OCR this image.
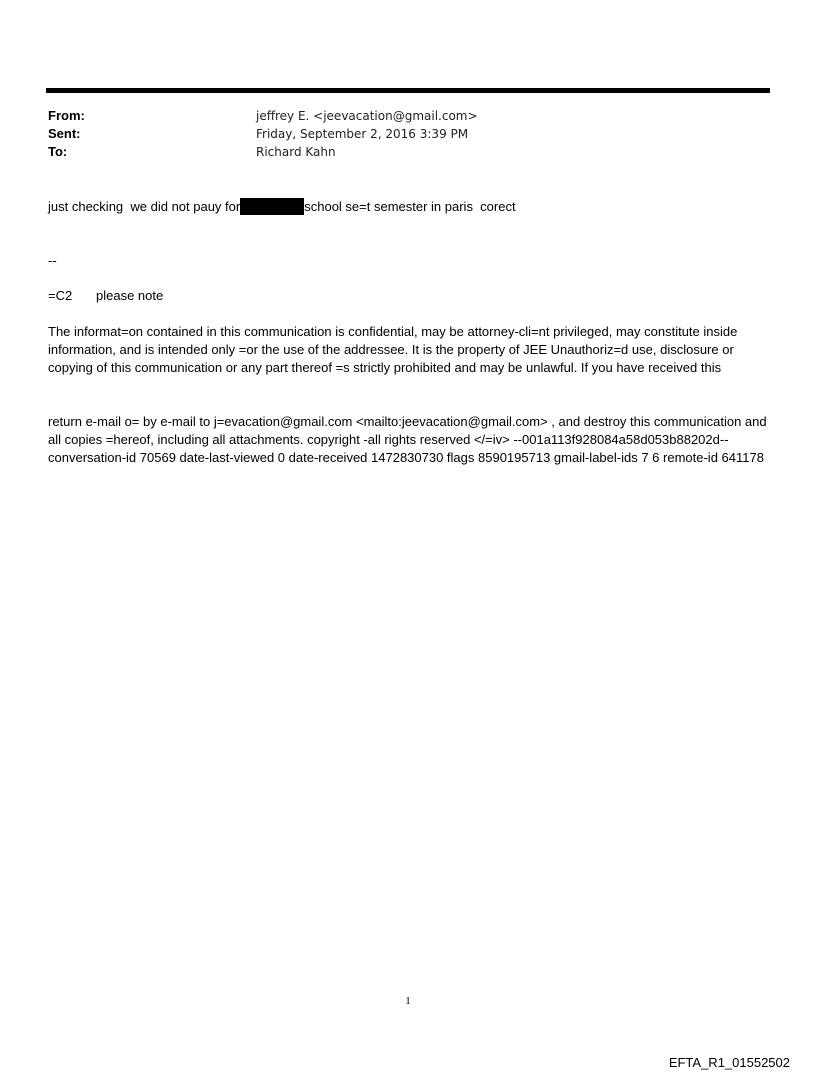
From:	jeffrey E. <jeevacation@gmail.com>
Sent:	Friday, September 2, 2016 3:39 PM
To:	Richard Kahn
just checking  we did not pauy for	school se=t semester in paris  corect
--
=C2 please note
The informat=on contained in this communication is confidential, may be attorney-cli=nt privileged, may constitute inside information, and is intended only =or the use of the addressee. It is the property of JEE Unauthoriz=d use, disclosure or copying of this communication or any part thereof =s strictly prohibited and may be unlawful. If you have received this
return e-mail o= by e-mail to j=evacation@gmail.com <mailto:jeevacation@gmail.com> , and destroy this communication and all copies =hereof, including all attachments. copyright -all rights reserved </=iv> --001a113f928084a58d053b88202d-- conversation-id 70569 date-last-viewed 0 date-received 1472830730 flags 8590195713 gmail-label-ids 7 6 remote-id 641178
1
EFTA_R1_01552502
